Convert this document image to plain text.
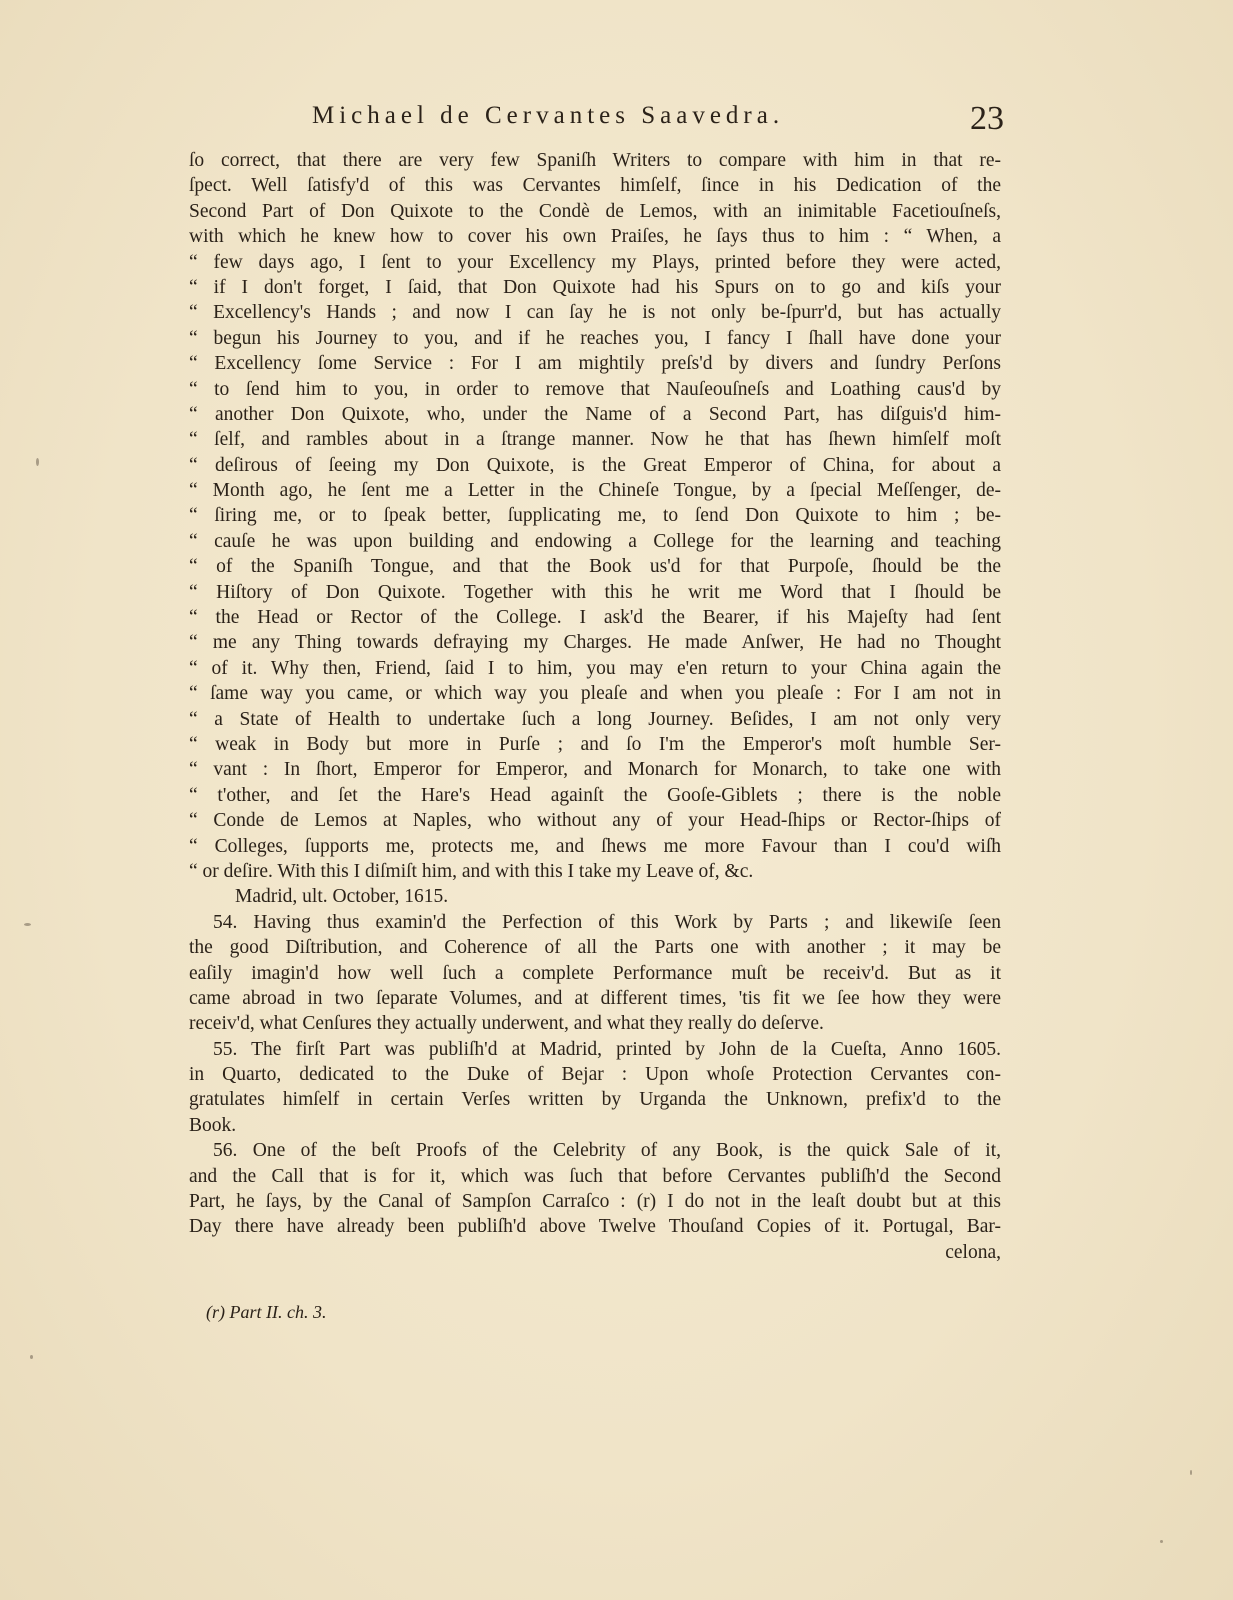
Michael de Cervantes Saavedra.	23
ſo correct, that there are very few Spaniſh Writers to compare with him in that re-
ſpect. Well ſatisfy'd of this was Cervantes himſelf, ſince in his Dedication of the
Second Part of Don Quixote to the Condè de Lemos, with an inimitable Facetiouſneſs,
with which he knew how to cover his own Praiſes, he ſays thus to him : “ When, a
“ few days ago, I ſent to your Excellency my Plays, printed before they were acted,
“ if I don't forget, I ſaid, that Don Quixote had his Spurs on to go and kiſs your
“ Excellency's Hands ; and now I can ſay he is not only be-ſpurr'd, but has actually
“ begun his Journey to you, and if he reaches you, I fancy I ſhall have done your
“ Excellency ſome Service : For I am mightily preſs'd by divers and ſundry Perſons
“ to ſend him to you, in order to remove that Nauſeouſneſs and Loathing caus'd by
“ another Don Quixote, who, under the Name of a Second Part, has diſguis'd him-
“ ſelf, and rambles about in a ſtrange manner. Now he that has ſhewn himſelf moſt
“ deſirous of ſeeing my Don Quixote, is the Great Emperor of China, for about a
“ Month ago, he ſent me a Letter in the Chineſe Tongue, by a ſpecial Meſſenger, de-
“ ſiring me, or to ſpeak better, ſupplicating me, to ſend Don Quixote to him ; be-
“ cauſe he was upon building and endowing a College for the learning and teaching
“ of the Spaniſh Tongue, and that the Book us'd for that Purpoſe, ſhould be the
“ Hiſtory of Don Quixote. Together with this he writ me Word that I ſhould be
“ the Head or Rector of the College. I ask'd the Bearer, if his Majeſty had ſent
“ me any Thing towards defraying my Charges. He made Anſwer, He had no Thought
“ of it. Why then, Friend, ſaid I to him, you may e'en return to your China again the
“ ſame way you came, or which way you pleaſe and when you pleaſe : For I am not in
“ a State of Health to undertake ſuch a long Journey. Beſides, I am not only very
“ weak in Body but more in Purſe ; and ſo I'm the Emperor's moſt humble Ser-
“ vant : In ſhort, Emperor for Emperor, and Monarch for Monarch, to take one with
“ t'other, and ſet the Hare's Head againſt the Gooſe-Giblets ; there is the noble
“ Conde de Lemos at Naples, who without any of your Head-ſhips or Rector-ſhips of
“ Colleges, ſupports me, protects me, and ſhews me more Favour than I cou'd wiſh
“ or deſire. With this I diſmiſt him, and with this I take my Leave of, &c.
Madrid, ult. October, 1615.
54. Having thus examin'd the Perfection of this Work by Parts ; and likewiſe ſeen
the good Diſtribution, and Coherence of all the Parts one with another ; it may be
eaſily imagin'd how well ſuch a complete Performance muſt be receiv'd. But as it
came abroad in two ſeparate Volumes, and at different times, 'tis fit we ſee how they were
receiv'd, what Cenſures they actually underwent, and what they really do deſerve.
55. The firſt Part was publiſh'd at Madrid, printed by John de la Cueſta, Anno 1605.
in Quarto, dedicated to the Duke of Bejar : Upon whoſe Protection Cervantes con-
gratulates himſelf in certain Verſes written by Urganda the Unknown, prefix'd to the
Book.
56. One of the beſt Proofs of the Celebrity of any Book, is the quick Sale of it,
and the Call that is for it, which was ſuch that before Cervantes publiſh'd the Second
Part, he ſays, by the Canal of Sampſon Carraſco : (r) I do not in the leaſt doubt but at this
Day there have already been publiſh'd above Twelve Thouſand Copies of it. Portugal, Bar-
celona,
(r) Part II. ch. 3.
